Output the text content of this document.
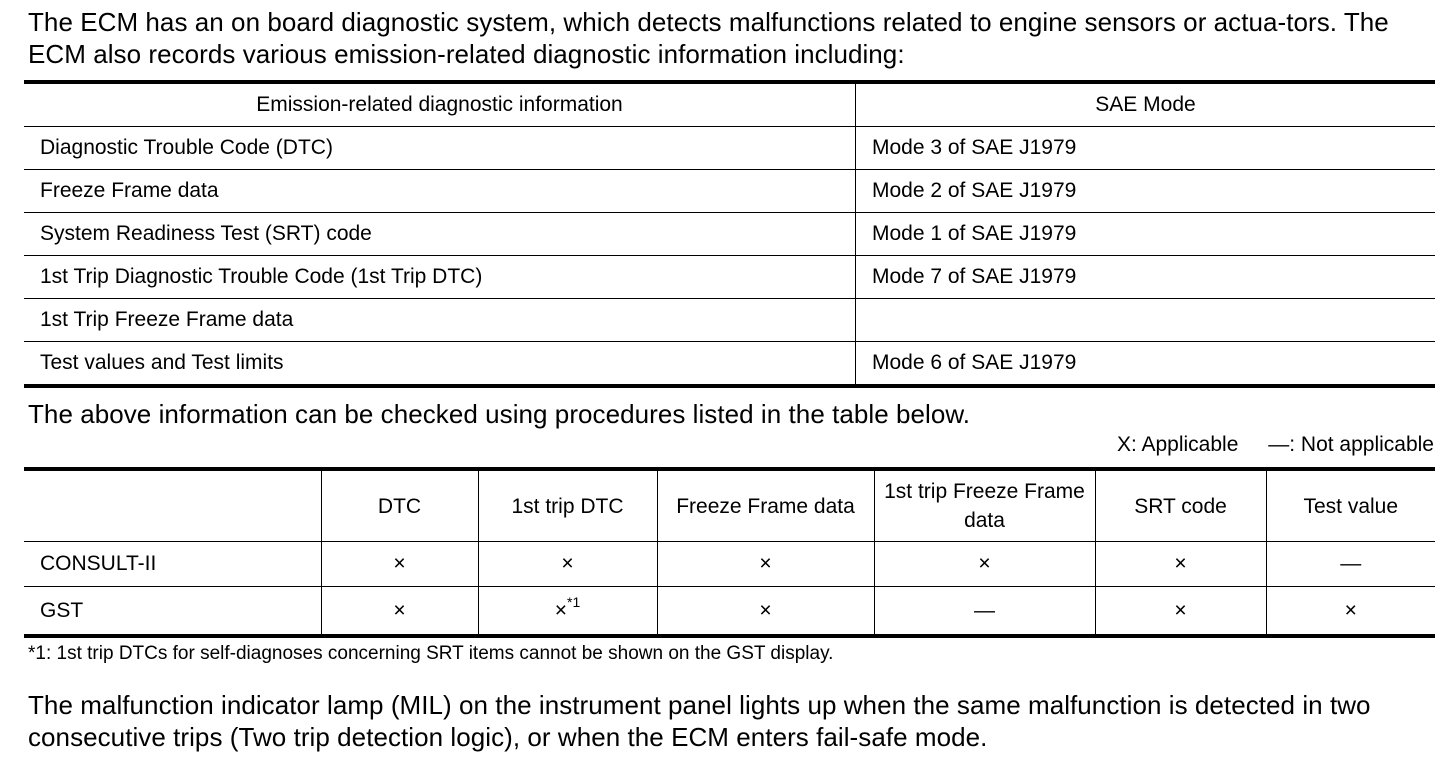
The ECM has an on board diagnostic system, which detects malfunctions related to engine sensors or actua-tors. The ECM also records various emission-related diagnostic information including:
Emission-related diagnostic information	SAE Mode
Diagnostic Trouble Code (DTC)	Mode 3 of SAE J1979
Freeze Frame data	Mode 2 of SAE J1979
System Readiness Test (SRT) code	Mode 1 of SAE J1979
1st Trip Diagnostic Trouble Code (1st Trip DTC)	Mode 7 of SAE J1979
1st Trip Freeze Frame data	
Test values and Test limits	Mode 6 of SAE J1979
The above information can be checked using procedures listed in the table below.
X: Applicable —: Not applicable
	DTC	1st trip DTC	Freeze Frame data	1st trip Freeze Frame data	SRT code	Test value
CONSULT-II	×	×	×	×	×	—
GST	×	×$^{*1}$	×	—	×	×
*1: 1st trip DTCs for self-diagnoses concerning SRT items cannot be shown on the GST display.
The malfunction indicator lamp (MIL) on the instrument panel lights up when the same malfunction is detected in two consecutive trips (Two trip detection logic), or when the ECM enters fail-safe mode.
